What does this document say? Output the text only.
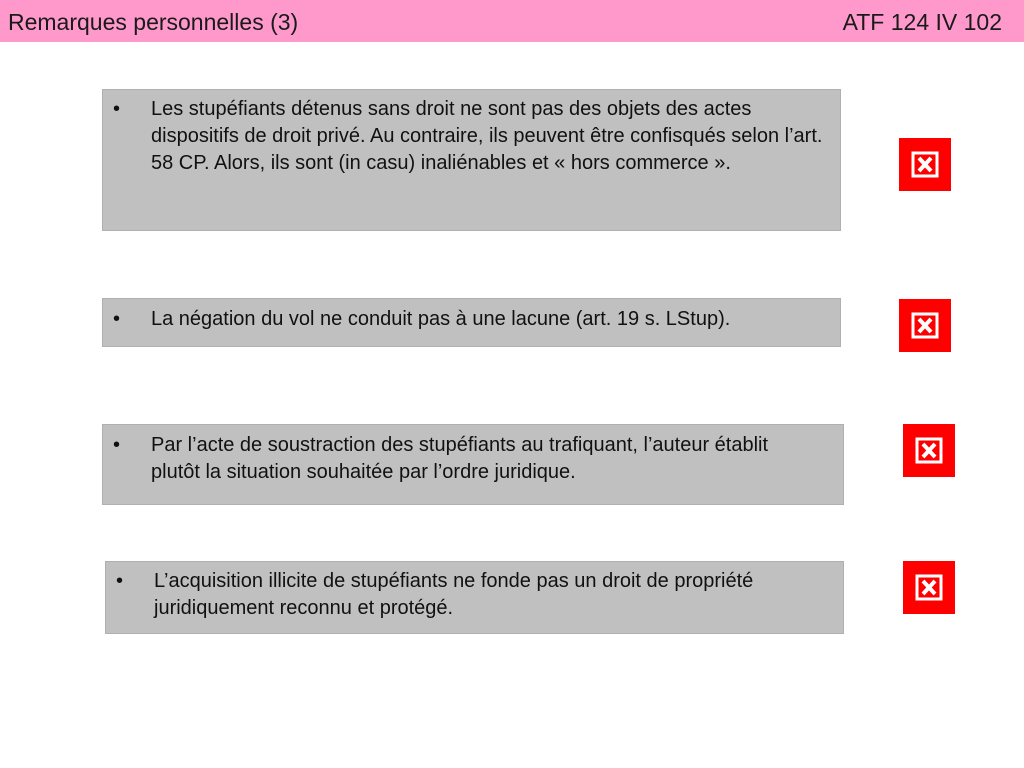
Remarques personnelles (3)	ATF 124 IV 102
• Les stupéfiants détenus sans droit ne sont pas des objets des actes dispositifs de droit privé. Au contraire, ils peuvent être confisqués selon l’art. 58 CP. Alors, ils sont (in casu) inaliénables et « hors commerce ».
• La négation du vol ne conduit pas à une lacune (art. 19 s. LStup).
• Par l’acte de soustraction des stupéfiants au trafiquant, l’auteur établit plutôt la situation souhaitée par l’ordre juridique.
• L’acquisition illicite de stupéfiants ne fonde pas un droit de propriété juridiquement reconnu et protégé.
